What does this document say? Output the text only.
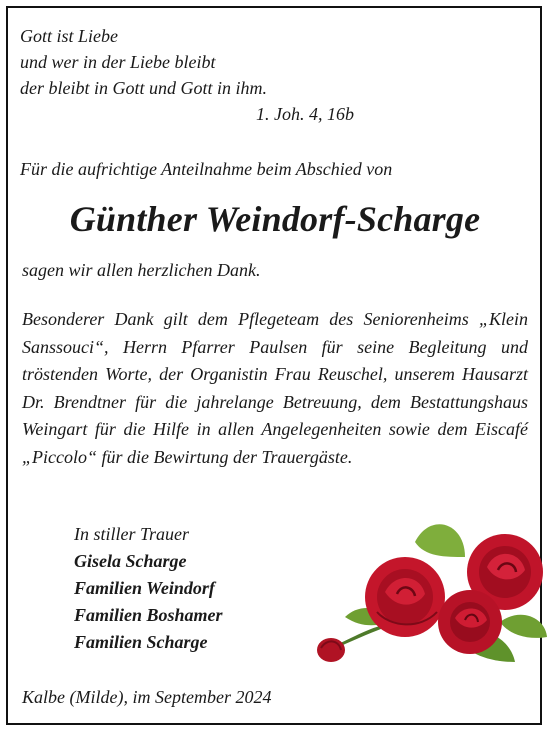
Gott ist Liebe
und wer in der Liebe bleibt
der bleibt in Gott und Gott in ihm.
1. Joh. 4, 16b
Für die aufrichtige Anteilnahme beim Abschied von
Günther Weindorf-Scharge
sagen wir allen herzlichen Dank.
Besonderer Dank gilt dem Pflegeteam des Seniorenheims „Klein Sanssouci“, Herrn Pfarrer Paulsen für seine Begleitung und tröstenden Worte, der Organistin Frau Reuschel, unserem Hausarzt Dr. Brendtner für die jahrelange Betreuung, dem Bestattungshaus Weingart für die Hilfe in allen Angelegenheiten sowie dem Eiscafé „Piccolo“ für die Bewirtung der Trauergäste.
In stiller Trauer
Gisela Scharge
Familien Weindorf
Familien Boshamer
Familien Scharge
Kalbe (Milde), im September 2024
